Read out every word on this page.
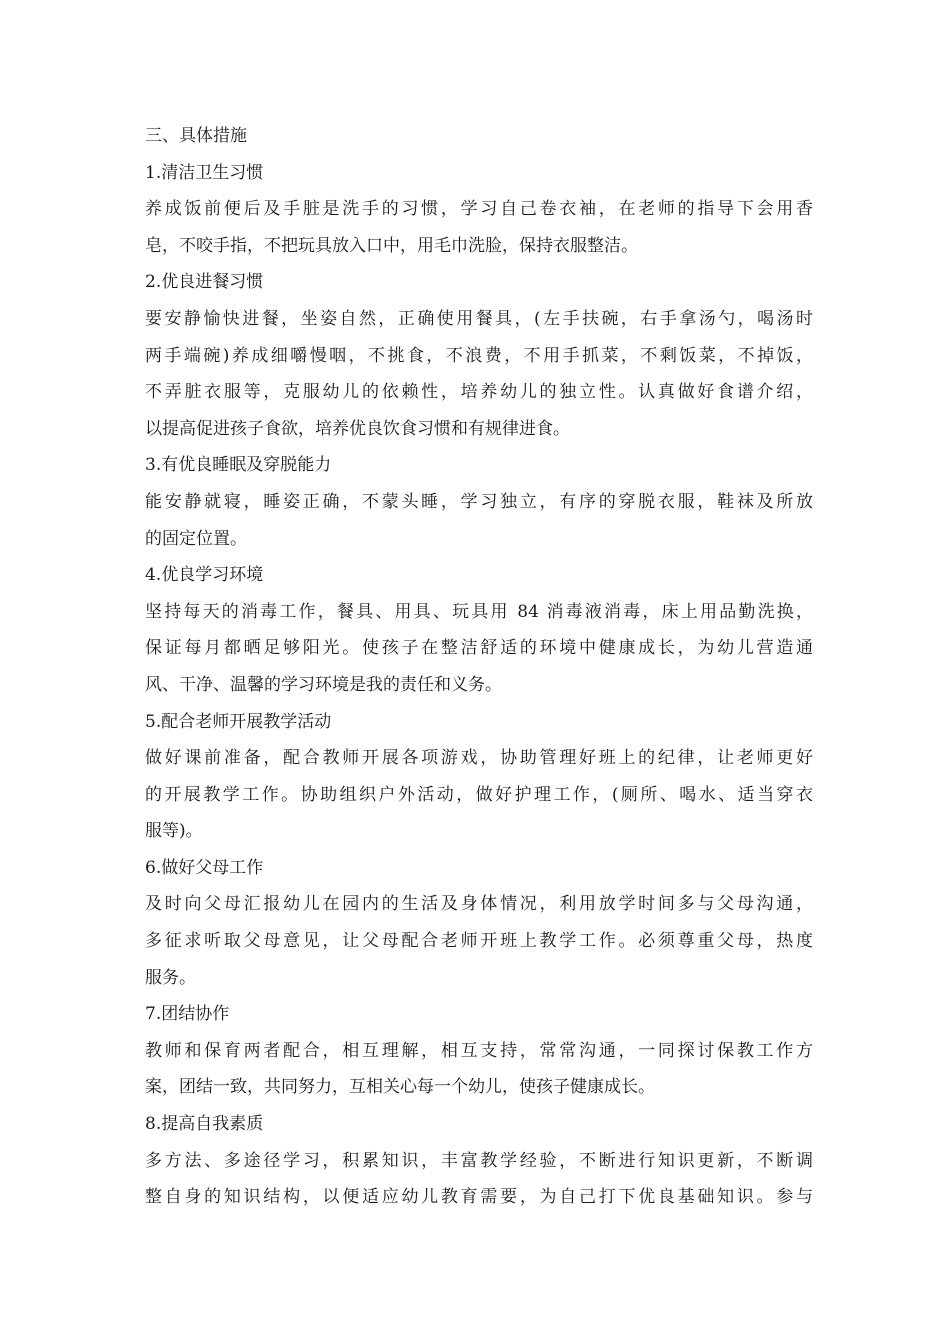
三、具体措施
1.清洁卫生习惯
养成饭前便后及手脏是洗手的习惯，学习自己卷衣袖，在老师的指导下会用香
皂，不咬手指，不把玩具放入口中，用毛巾洗脸，保持衣服整洁。
2.优良进餐习惯
要安静愉快进餐，坐姿自然，正确使用餐具，(左手扶碗，右手拿汤勺，喝汤时
两手端碗)养成细嚼慢咽，不挑食，不浪费，不用手抓菜，不剩饭菜，不掉饭，
不弄脏衣服等，克服幼儿的依赖性，培养幼儿的独立性。认真做好食谱介绍，
以提高促进孩子食欲，培养优良饮食习惯和有规律进食。
3.有优良睡眠及穿脱能力
能安静就寝，睡姿正确，不蒙头睡，学习独立，有序的穿脱衣服，鞋袜及所放
的固定位置。
4.优良学习环境
坚持每天的消毒工作，餐具、用具、玩具用 84 消毒液消毒，床上用品勤洗换，
保证每月都晒足够阳光。使孩子在整洁舒适的环境中健康成长，为幼儿营造通
风、干净、温馨的学习环境是我的责任和义务。
5.配合老师开展教学活动
做好课前准备，配合教师开展各项游戏，协助管理好班上的纪律，让老师更好
的开展教学工作。协助组织户外活动，做好护理工作，(厕所、喝水、适当穿衣
服等)。
6.做好父母工作
及时向父母汇报幼儿在园内的生活及身体情况，利用放学时间多与父母沟通，
多征求听取父母意见，让父母配合老师开班上教学工作。必须尊重父母，热度
服务。
7.团结协作
教师和保育两者配合，相互理解，相互支持，常常沟通，一同探讨保教工作方
案，团结一致，共同努力，互相关心每一个幼儿，使孩子健康成长。
8.提高自我素质
多方法、多途径学习，积累知识，丰富教学经验，不断进行知识更新，不断调
整自身的知识结构，以便适应幼儿教育需要，为自己打下优良基础知识。参与
